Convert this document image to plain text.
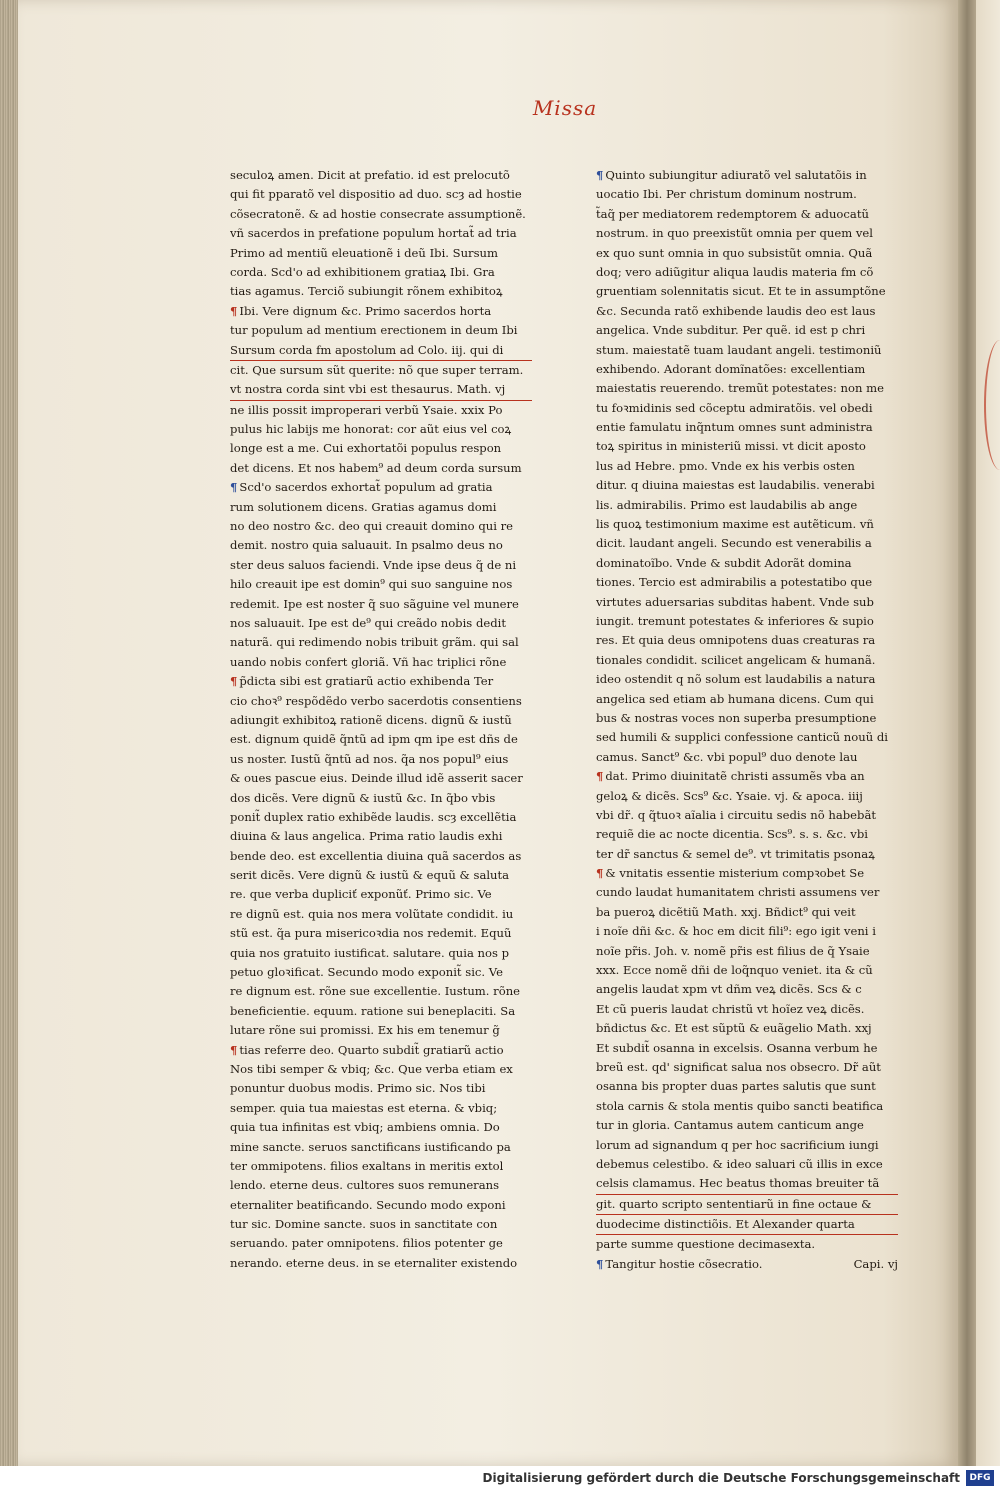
Missa
seculoꝝ amen. Dicit at prefatio. id est prelocutõ
qui fit pparatõ vel dispositio ad duo. scȝ ad hostie
cõsecratonẽ. & ad hostie consecrate assumptionẽ.
vñ sacerdos in prefatione populum hortat̃ ad tria
Primo ad mentiũ eleuationẽ i deũ Ibi. Sursum
corda. Scd'o ad exhibitionem gratiaꝝ Ibi. Gra
tias agamus. Terciõ subiungit rõnem exhibitoꝝ
¶ Ibi. Vere dignum &c. Primo sacerdos horta
tur populum ad mentium erectionem in deum Ibi
Sursum corda fm apostolum ad Colo. iij. qui di
cit. Que sursum sũt querite: nõ que super terram.
vt nostra corda sint vbi est thesaurus. Math. vj
ne illis possit improperari verbũ Ysaie. xxix Po
pulus hic labijs me honorat: cor aũt eius vel coꝝ
longe est a me. Cui exhortatõi populus respon
det dicens. Et nos habem⁹ ad deum corda sursum
¶ Scd'o sacerdos exhortat̃ populum ad gratia
rum solutionem dicens. Gratias agamus domi
no deo nostro &c. deo qui creauit domino qui re
demit. nostro quia saluauit. In psalmo deus no
ster deus saluos faciendi. Vnde ipse deus q̃ de ni
hilo creauit ipe est domin⁹ qui suo sanguine nos
redemit. Ipe est noster q̃ suo sãguine vel munere
nos saluauit. Ipe est de⁹ qui creãdo nobis dedit
naturã. qui redimendo nobis tribuit grãm. qui sal
uando nobis confert gloriã. Vñ hac triplici rõne
¶ p̃dicta sibi est gratiarũ actio exhibenda Ter
cio choꝛ⁹ respõdẽdo verbo sacerdotis consentiens
adiungit exhibitoꝝ rationẽ dicens. dignũ & iustũ
est. dignum quidẽ q̃ntũ ad ipm qm ipe est dñs de
us noster. Iustũ q̃ntũ ad nos. q̃a nos popul⁹ eius
& oues pascue eius. Deinde illud idẽ asserit sacer
dos dicẽs. Vere dignũ & iustũ &c. In q̃bo vbis
ponit̃ duplex ratio exhibẽde laudis. scȝ excellẽtia
diuina & laus angelica. Prima ratio laudis exhi
bende deo. est excellentia diuina quã sacerdos as
serit dicẽs. Vere dignũ & iustũ & equũ & saluta
re. que verba dupliciť exponũť. Primo sic. Ve
re dignũ est. quia nos mera volũtate condidit. iu
stũ est. q̃a pura misericoꝛdia nos redemit. Equũ
quia nos gratuito iustificat. salutare. quia nos p
petuo gloꝛificat. Secundo modo exponit̃ sic. Ve
re dignum est. rõne sue excellentie. Iustum. rõne
beneficientie. equum. ratione sui beneplaciti. Sa
lutare rõne sui promissi. Ex his em tenemur g̃
¶ tias referre deo. Quarto subdit̃ gratiarũ actio
Nos tibi semper & vbiq; &c. Que verba etiam ex
ponuntur duobus modis. Primo sic. Nos tibi
semper. quia tua maiestas est eterna. & vbiq;
quia tua infinitas est vbiq; ambiens omnia. Do
mine sancte. seruos sanctificans iustificando pa
ter ommipotens. filios exaltans in meritis extol
lendo. eterne deus. cultores suos remunerans
eternaliter beatificando. Secundo modo exponi
tur sic. Domine sancte. suos in sanctitate con
seruando. pater omnipotens. filios potenter ge
nerando. eterne deus. in se eternaliter existendo
¶ Quinto subiungitur adiuratõ vel salutatõis in
uocatio Ibi. Per christum dominum nostrum.
t̃aq̃ per mediatorem redemptorem & aduocatũ
nostrum. in quo preexistũt omnia per quem vel
ex quo sunt omnia in quo subsistũt omnia. Quã
doq; vero adiũgitur aliqua laudis materia fm cõ
gruentiam solennitatis sicut. Et te in assumptõne
&c. Secunda ratõ exhibende laudis deo est laus
angelica. Vnde subditur. Per quẽ. id est p chri
stum. maiestatẽ tuam laudant angeli. testimoniũ
exhibendo. Adorant domĩnatões: excellentiam
maiestatis reuerendo. tremũt potestates: non me
tu foꝛmidinis sed cõceptu admiratõis. vel obedi
entie famulatu inq̃ntum omnes sunt administra
toꝝ spiritus in ministeriũ missi. vt dicit aposto
lus ad Hebre. pmo. Vnde ex his verbis osten
ditur. q diuina maiestas est laudabilis. venerabi
lis. admirabilis. Primo est laudabilis ab ange
lis quoꝝ testimonium maxime est autẽticum. vñ
dicit. laudant angeli. Secundo est venerabilis a
dominatoĩbo. Vnde & subdit Adorãt domina
tiones. Tercio est admirabilis a potestatibo que
virtutes aduersarias subditas habent. Vnde sub
iungit. tremunt potestates & inferiores & supio
res. Et quia deus omnipotens duas creaturas ra
tionales condidit. scilicet angelicam & humanã.
ideo ostendit q nõ solum est laudabilis a natura
angelica sed etiam ab humana dicens. Cum qui
bus & nostras voces non superba presumptione
sed humili & supplici confessione canticũ nouũ di
camus. Sanct⁹ &c. vbi popul⁹ duo denote lau
¶ dat. Primo diuinitatẽ christi assumẽs vba an
geloꝝ & dicẽs. Scs⁹ &c. Ysaie. vj. & apoca. iiij
vbi dr̃. q q̃tuoꝛ aĩalia i circuitu sedis nõ habebãt
requiẽ die ac nocte dicentia. Scs⁹. s. s. &c. vbi
ter dr̃ sanctus & semel de⁹. vt trimitatis psonaꝝ
¶ & vnitatis essentie misterium compꝛobet Se
cundo laudat humanitatem christi assumens ver
ba pueroꝝ dicẽtiũ Math. xxj. Bñdict⁹ qui veit
i noĩe dñi &c. & hoc em dicit fili⁹: ego igit veni i
noĩe pr̃is. Joh. v. nomẽ pr̃is est filius de q̃ Ysaie
xxx. Ecce nomẽ dñi de loq̃nquo veniet. ita & cũ
angelis laudat xpm vt dñm veꝝ dicẽs. Scs & c
Et cũ pueris laudat christũ vt hoĩez veꝝ dicẽs.
bñdictus &c. Et est sũptũ & euãgelio Math. xxj
Et subdit̃ osanna in excelsis. Osanna verbum he
breũ est. qd' significat salua nos obsecro. Dr̃ aũt
osanna bis propter duas partes salutis que sunt
stola carnis & stola mentis quibo sancti beatifica
tur in gloria. Cantamus autem canticum ange
lorum ad signandum q per hoc sacrificium iungi
debemus celestibo. & ideo saluari cũ illis in exce
celsis clamamus. Hec beatus thomas breuiter tã
git. quarto scripto sententiarũ in fine octaue &
duodecime distinctiõis. Et Alexander quarta
parte summe questione decimasexta.
¶ Tangitur hostie cõsecratio.	Capi. vj
Digitalisierung gefördert durch die Deutsche Forschungsgemeinschaft	DFG
